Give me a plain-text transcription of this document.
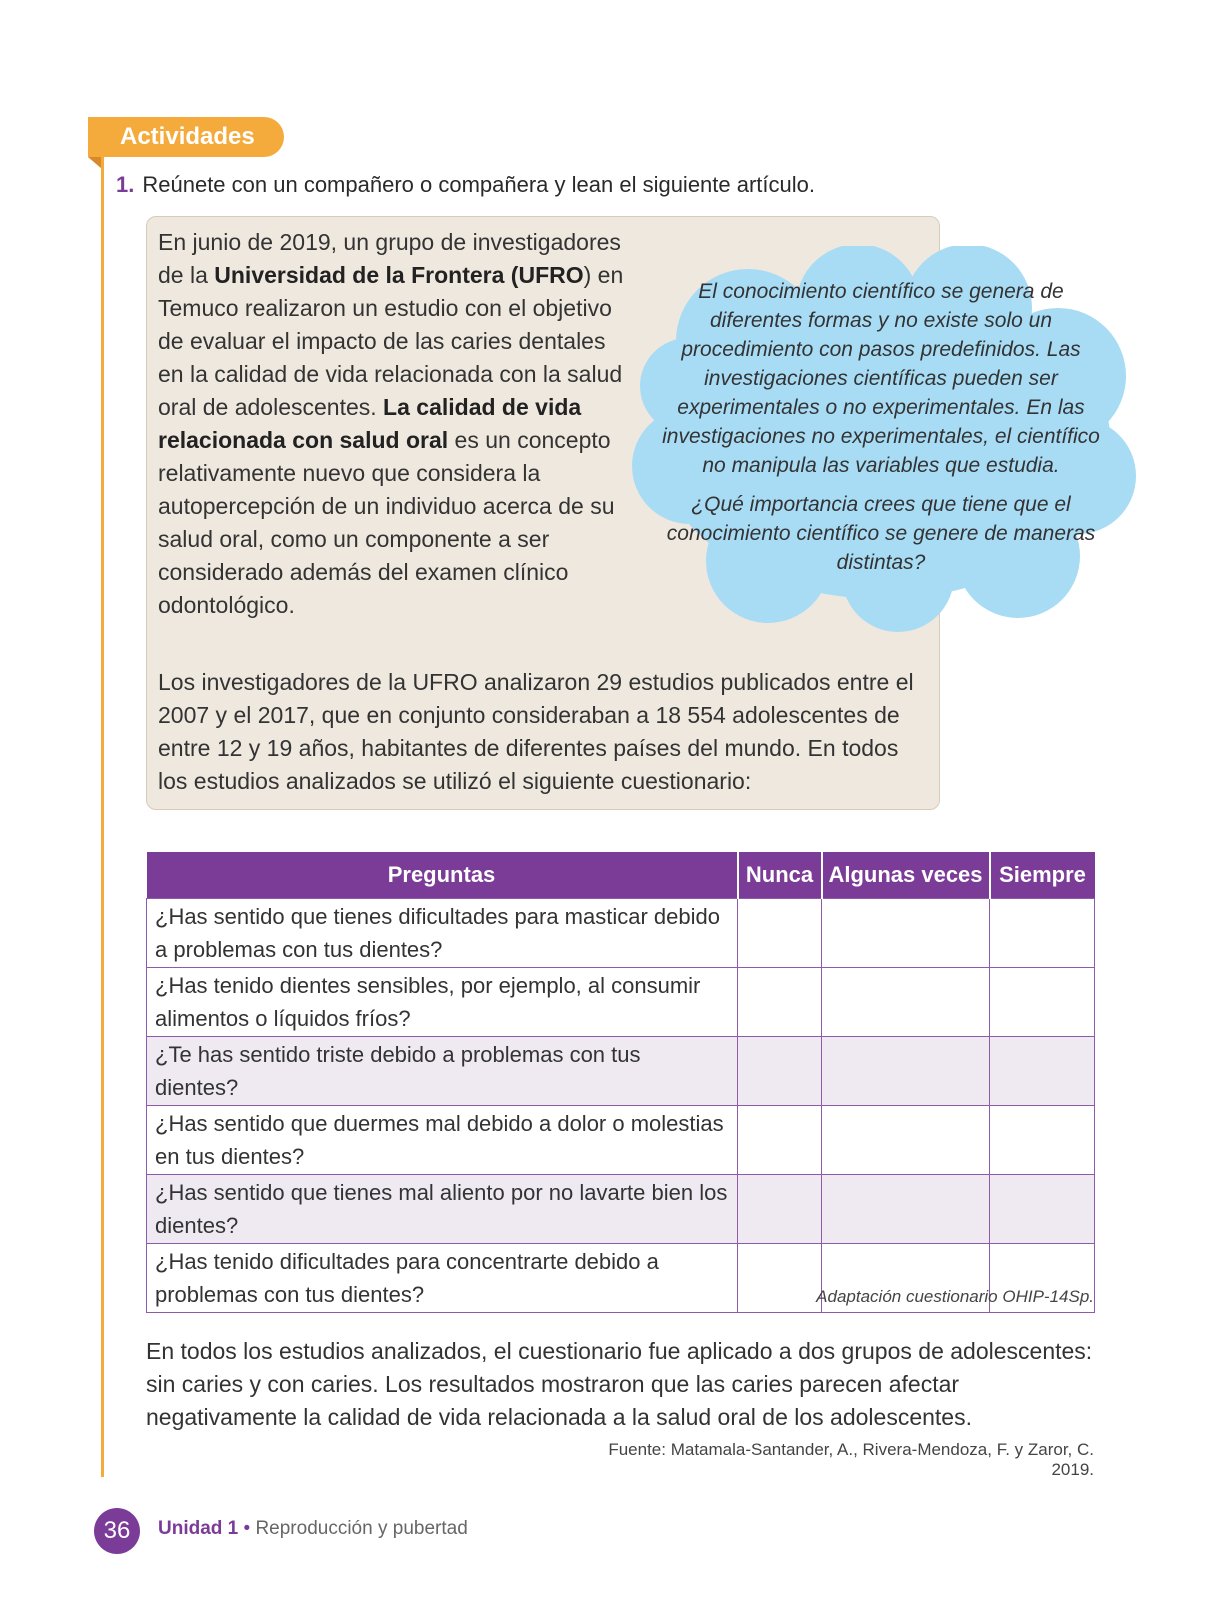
Actividades
1. Reúnete con un compañero o compañera y lean el siguiente artículo.
En junio de 2019, un grupo de investigadores de la Universidad de la Frontera (UFRO) en Temuco realizaron un estudio con el objetivo de evaluar el impacto de las caries dentales en la calidad de vida relacionada con la salud oral de adolescentes. La calidad de vida relacionada con salud oral es un concepto relativamente nuevo que considera la autopercepción de un individuo acerca de su salud oral, como un componente a ser considerado además del examen clínico odontológico.
Los investigadores de la UFRO analizaron 29 estudios publicados entre el 2007 y el 2017, que en conjunto consideraban a 18 554 adolescentes de entre 12 y 19 años, habitantes de diferentes países del mundo. En todos los estudios analizados se utilizó el siguiente cuestionario:
El conocimiento científico se genera de diferentes formas y no existe solo un procedimiento con pasos predefinidos. Las investigaciones científicas pueden ser experimentales o no experimentales. En las investigaciones no experimentales, el científico no manipula las variables que estudia.
¿Qué importancia crees que tiene que el conocimiento científico se genere de maneras distintas?
Preguntas	Nunca	Algunas veces	Siempre
¿Has sentido que tienes dificultades para masticar debido a problemas con tus dientes?			
¿Has tenido dientes sensibles, por ejemplo, al consumir alimentos o líquidos fríos?			
¿Te has sentido triste debido a problemas con tus dientes?			
¿Has sentido que duermes mal debido a dolor o molestias en tus dientes?			
¿Has sentido que tienes mal aliento por no lavarte bien los dientes?			
¿Has tenido dificultades para concentrarte debido a problemas con tus dientes?				Adaptación cuestionario OHIP-14Sp.
En todos los estudios analizados, el cuestionario fue aplicado a dos grupos de adolescentes: sin caries y con caries. Los resultados mostraron que las caries parecen afectar negativamente la calidad de vida relacionada a la salud oral de los adolescentes.
Fuente: Matamala-Santander, A., Rivera-Mendoza, F. y Zaror, C. 2019.
36	Unidad 1 • Reproducción y pubertad
